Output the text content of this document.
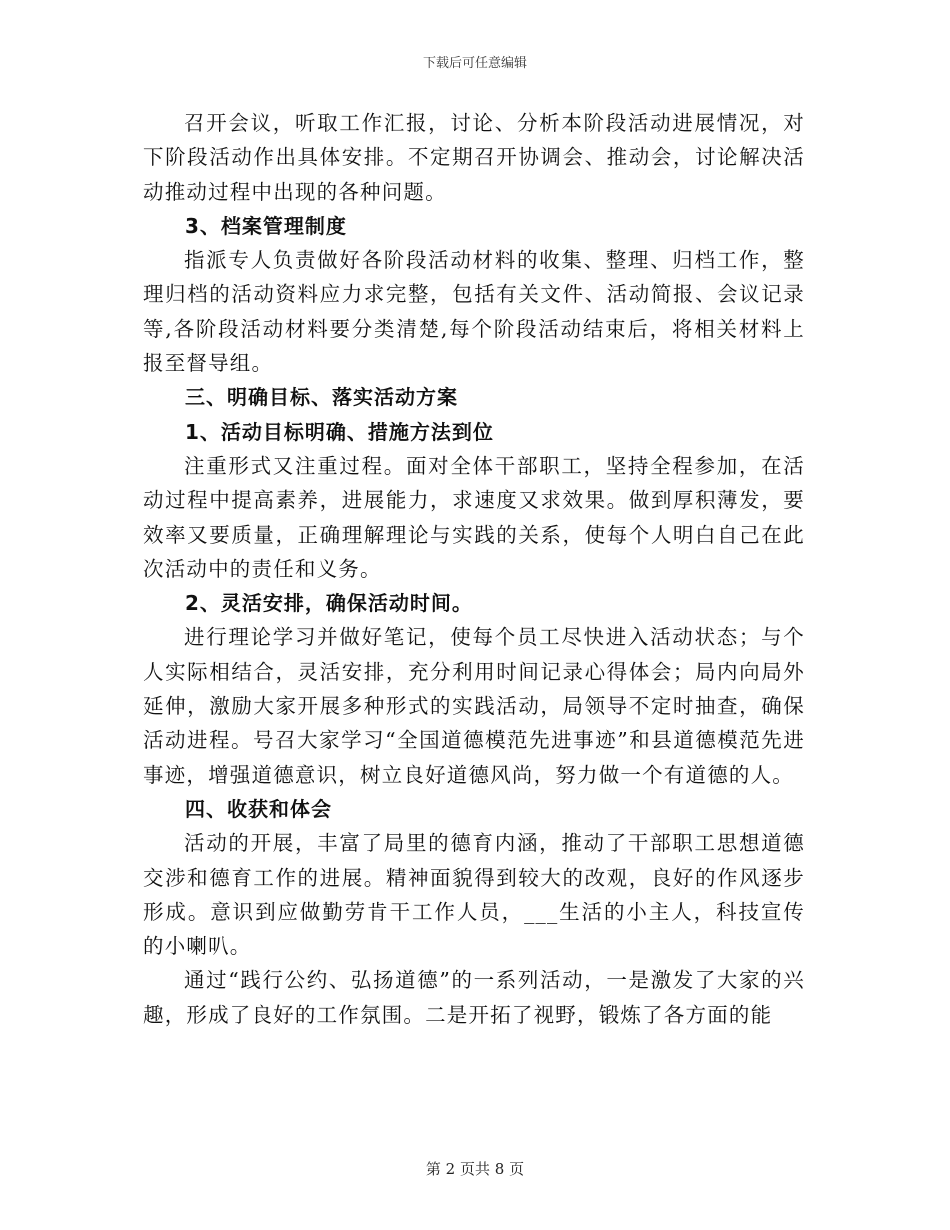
下载后可任意编辑

召开会议，听取工作汇报，讨论、分析本阶段活动进展情况，对下阶段活动作出具体安排。不定期召开协调会、推动会，讨论解决活动推动过程中出现的各种问题。

3、档案管理制度

指派专人负责做好各阶段活动材料的收集、整理、归档工作，整理归档的活动资料应力求完整，包括有关文件、活动简报、会议记录等,各阶段活动材料要分类清楚,每个阶段活动结束后，将相关材料上报至督导组。

三、明确目标、落实活动方案

1、活动目标明确、措施方法到位

注重形式又注重过程。面对全体干部职工，坚持全程参加，在活动过程中提高素养，进展能力，求速度又求效果。做到厚积薄发，要效率又要质量，正确理解理论与实践的关系，使每个人明白自己在此次活动中的责任和义务。

2、灵活安排，确保活动时间。

进行理论学习并做好笔记，使每个员工尽快进入活动状态；与个人实际相结合，灵活安排，充分利用时间记录心得体会；局内向局外延伸，激励大家开展多种形式的实践活动，局领导不定时抽查，确保活动进程。号召大家学习“全国道德模范先进事迹”和县道德模范先进事迹，增强道德意识，树立良好道德风尚，努力做一个有道德的人。

四、收获和体会

活动的开展，丰富了局里的德育内涵，推动了干部职工思想道德交涉和德育工作的进展。精神面貌得到较大的改观，良好的作风逐步形成。意识到应做勤劳肯干工作人员，___生活的小主人，科技宣传的小喇叭。

通过“践行公约、弘扬道德”的一系列活动，一是激发了大家的兴趣，形成了良好的工作氛围。二是开拓了视野，锻炼了各方面的能

第 2 页共 8 页
